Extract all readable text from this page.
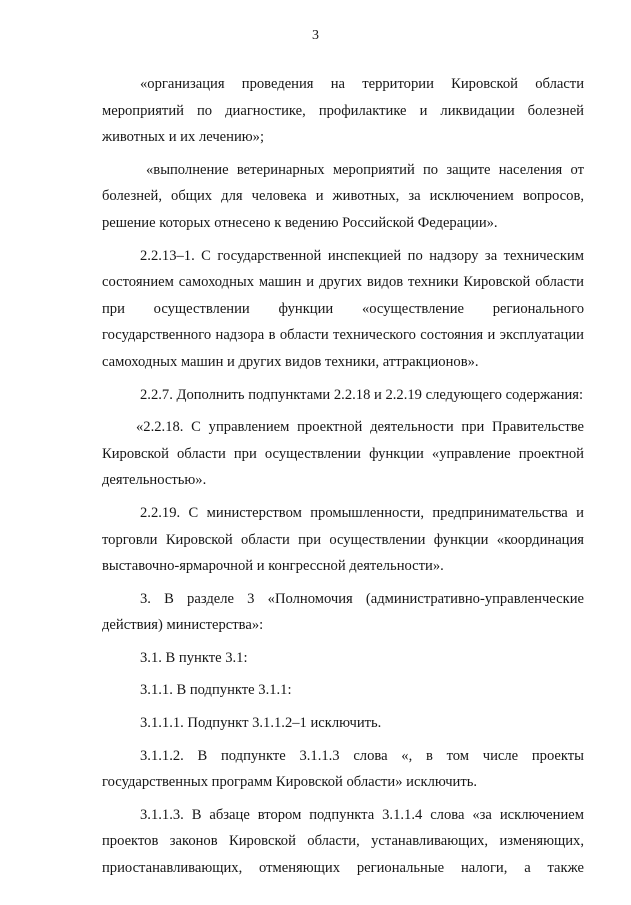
3

«организация проведения на территории Кировской области мероприятий по диагностике, профилактике и ликвидации болезней животных и их лечению»;

«выполнение ветеринарных мероприятий по защите населения от болезней, общих для человека и животных, за исключением вопросов, решение которых отнесено к ведению Российской Федерации».

2.2.13–1. С государственной инспекцией по надзору за техническим состоянием самоходных машин и других видов техники Кировской области при осуществлении функции «осуществление регионального государственного надзора в области технического состояния и эксплуатации самоходных машин и других видов техники, аттракционов».

2.2.7. Дополнить подпунктами 2.2.18 и 2.2.19 следующего содержания:

«2.2.18. С управлением проектной деятельности при Правительстве Кировской области при осуществлении функции «управление проектной деятельностью».

2.2.19. С министерством промышленности, предпринимательства и торговли Кировской области при осуществлении функции «координация выставочно-ярмарочной и конгрессной деятельности».

3. В разделе 3 «Полномочия (административно-управленческие действия) министерства»:

3.1. В пункте 3.1:

3.1.1. В подпункте 3.1.1:

3.1.1.1. Подпункт 3.1.1.2–1 исключить.

3.1.1.2. В подпункте 3.1.1.3 слова «, в том числе проекты государственных программ Кировской области» исключить.

3.1.1.3. В абзаце втором подпункта 3.1.1.4 слова «за исключением проектов законов Кировской области, устанавливающих, изменяющих, приостанавливающих, отменяющих региональные налоги, а также
